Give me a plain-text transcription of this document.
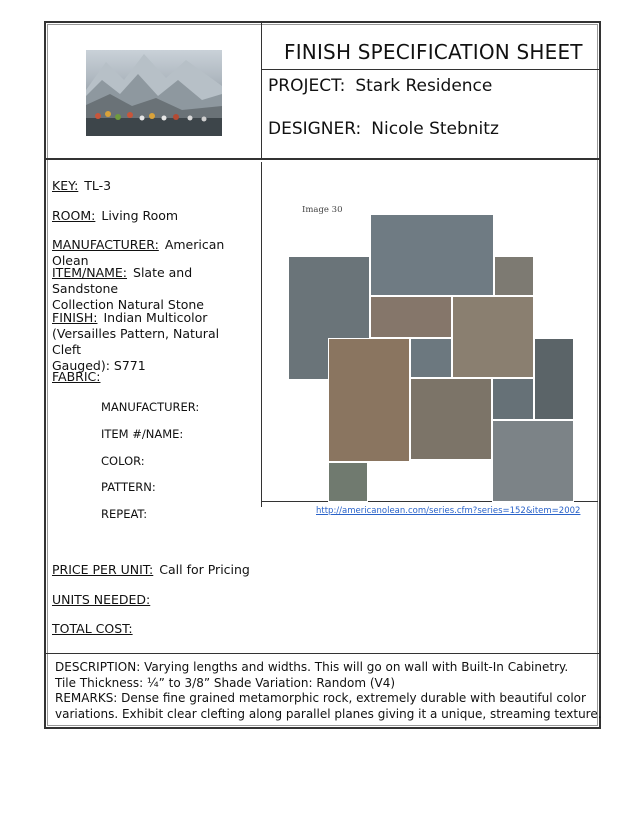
FINISH SPECIFICATION SHEET
PROJECT: Stark Residence
DESIGNER: Nicole Stebnitz
KEY: TL-3
ROOM: Living Room
MANUFACTURER: American Olean
ITEM/NAME: Slate and Sandstone
Collection Natural Stone
FINISH: Indian Multicolor
(Versailles Pattern, Natural Cleft
Gauged): S771
FABRIC:
MANUFACTURER:
ITEM #/NAME:
COLOR:
PATTERN:
REPEAT:
PRICE PER UNIT: Call for Pricing
UNITS NEEDED:
TOTAL COST:
Image 30
http://americanolean.com/series.cfm?series=152&item=2002
DESCRIPTION: Varying lengths and widths. This will go on wall with Built-In Cabinetry.
Tile Thickness: ¼” to 3/8” Shade Variation: Random (V4)
REMARKS: Dense fine grained metamorphic rock, extremely durable with beautiful color
variations. Exhibit clear clefting along parallel planes giving it a unique, streaming texture.
